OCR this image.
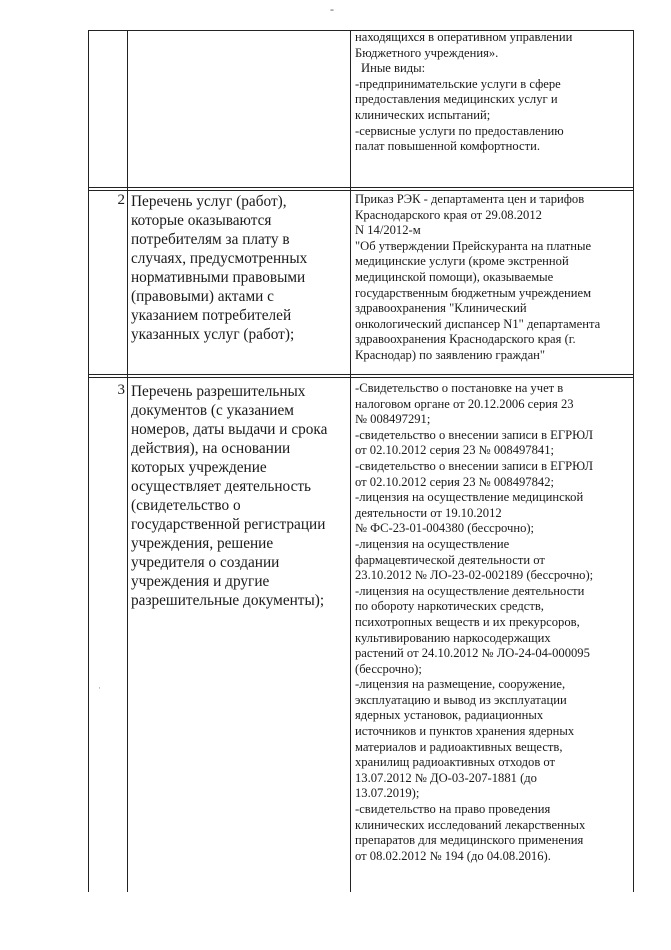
-
находящихся в оперативном управлении
Бюджетного учреждения».
Иные виды:
-предпринимательские услуги в сфере
предоставления медицинских услуг и
клинических испытаний;
-сервисные услуги по предоставлению
палат повышенной комфортности.
2 Перечень услуг (работ),
которые оказываются
потребителям за плату в
случаях, предусмотренных
нормативными правовыми
(правовыми) актами с
указанием потребителей
указанных услуг (работ);
Приказ РЭК - департамента цен и тарифов
Краснодарского края от 29.08.2012
N 14/2012-м
"Об утверждении Прейскуранта на платные
медицинские услуги (кроме экстренной
медицинской помощи), оказываемые
государственным бюджетным учреждением
здравоохранения "Клинический
онкологический диспансер N1" департамента
здравоохранения Краснодарского края (г.
Краснодар) по заявлению граждан"
3 Перечень разрешительных
документов (с указанием
номеров, даты выдачи и срока
действия), на основании
которых учреждение
осуществляет деятельность
(свидетельство о
государственной регистрации
учреждения, решение
учредителя о создании
учреждения и другие
разрешительные документы);
-Свидетельство о постановке на учет в
налоговом органе от 20.12.2006 серия 23
№ 008497291;
-свидетельство о внесении записи в ЕГРЮЛ
от 02.10.2012 серия 23 № 008497841;
-свидетельство о внесении записи в ЕГРЮЛ
от 02.10.2012 серия 23 № 008497842;
-лицензия на осуществление медицинской
деятельности от 19.10.2012
№ ФС-23-01-004380 (бессрочно);
-лицензия на осуществление
фармацевтической деятельности от
23.10.2012 № ЛО-23-02-002189 (бессрочно);
-лицензия на осуществление деятельности
по обороту наркотических средств,
психотропных веществ и их прекурсоров,
культивированию наркосодержащих
растений от 24.10.2012 № ЛО-24-04-000095
(бессрочно);
-лицензия на размещение, сооружение,
эксплуатацию и вывод из эксплуатации
ядерных установок, радиационных
источников и пунктов хранения ядерных
материалов и радиоактивных веществ,
хранилищ радиоактивных отходов от
13.07.2012 № ДО-03-207-1881 (до
13.07.2019);
-свидетельство на право проведения
клинических исследований лекарственных
препаратов для медицинского применения
от 08.02.2012 № 194 (до 04.08.2016).
·
